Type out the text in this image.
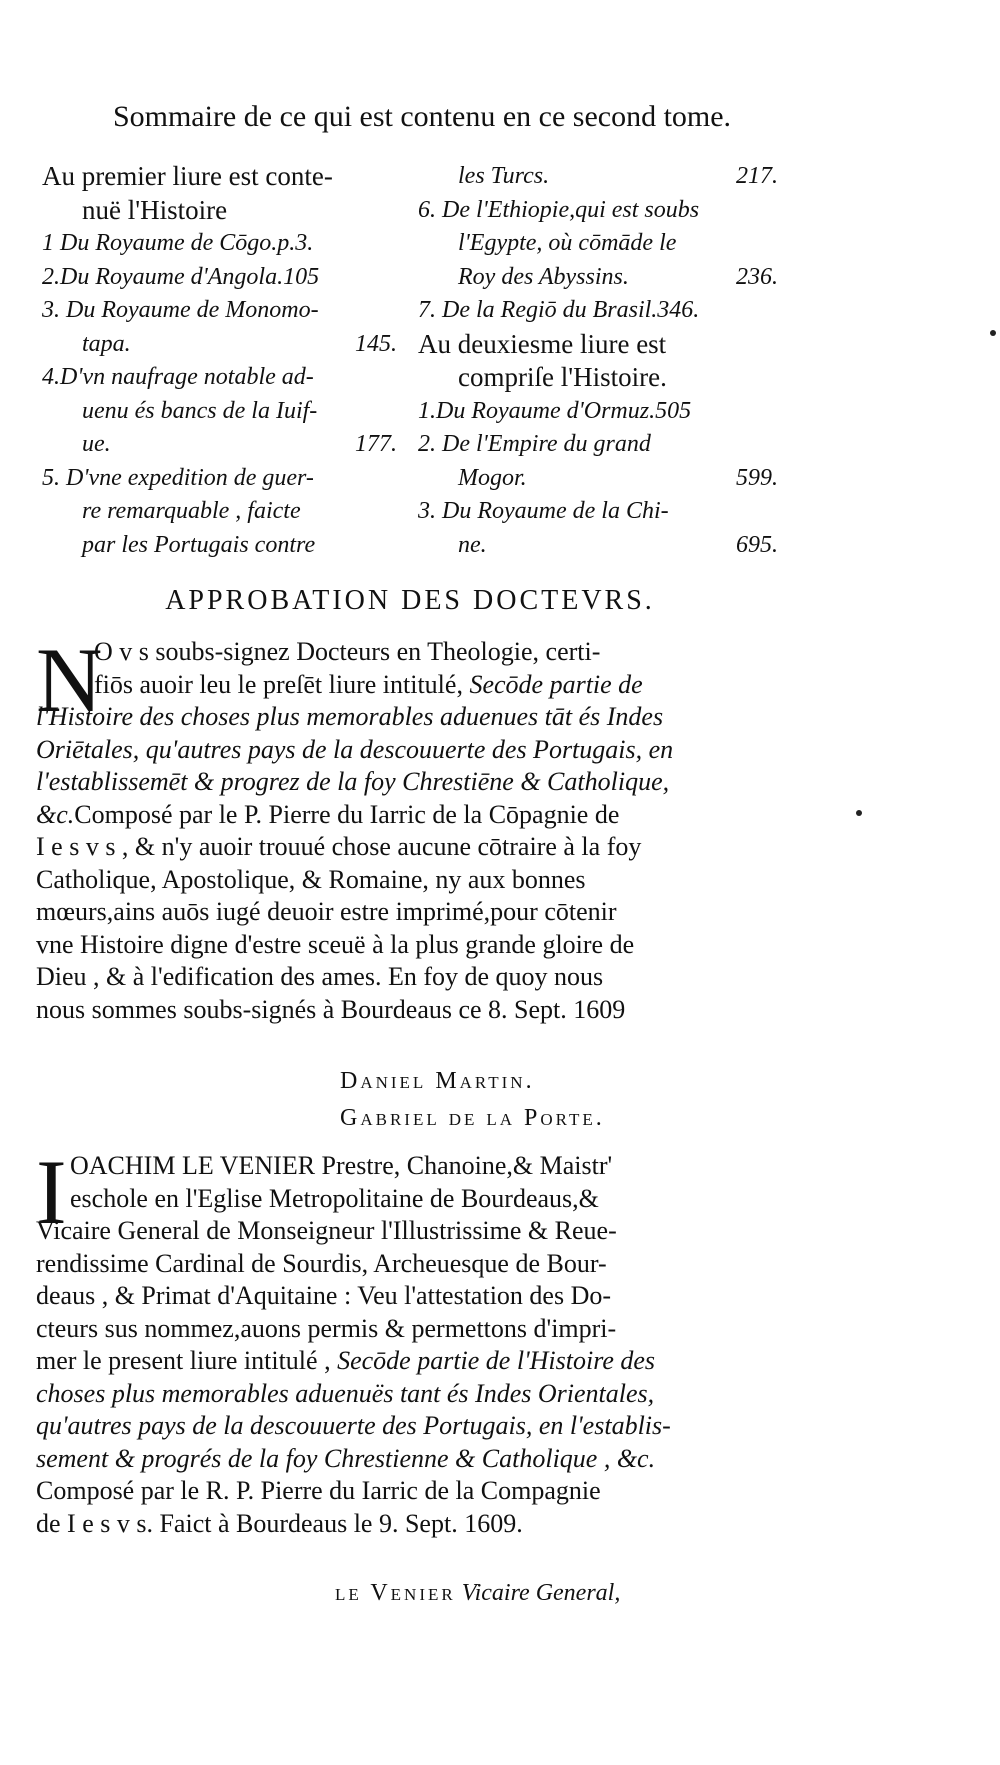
Sommaire de ce qui est contenu en ce second tome.
Au premier liure est conte-
nuë l'Histoire
1 Du Royaume de Cōgo.p.3.
2.Du Royaume d'Angola.105
3. Du Royaume de Monomo-
tapa.	145.
4.D'vn naufrage notable ad-
uenu és bancs de la Iuif-
ue.	177.
5. D'vne expedition de guer-
re remarquable , faicte
par les Portugais contre
les Turcs.	217.
6. De l'Ethiopie,qui est soubs
l'Egypte, où cōmāde le
Roy des Abyssins.	236.
7. De la Regiō du Brasil.346.
Au deuxiesme liure est
compriſe l'Histoire.
1.Du Royaume d'Ormuz.505
2. De l'Empire du grand
Mogor.	599.
3. Du Royaume de la Chi-
ne.	695.
APPROBATION DES DOCTEVRS.
N
O v s soubs-signez Docteurs en Theologie, certi-
fiōs auoir leu le preſēt liure intitulé, Secōde partie de
l'Histoire des choses plus memorables aduenues tāt és Indes
Oriētales, qu'autres pays de la descouuerte des Portugais, en
l'establissemēt & progrez de la foy Chrestiēne & Catholique,
&c.Composé par le P. Pierre du Iarric de la Cōpagnie de
I e s v s , & n'y auoir trouué chose aucune cōtraire à la foy
Catholique, Apostolique, & Romaine, ny aux bonnes
mœurs,ains auōs iugé deuoir estre imprimé,pour cōtenir
vne Histoire digne d'estre sceuë à la plus grande gloire de
Dieu , & à l'edification des ames. En foy de quoy nous
nous sommes soubs-signés à Bourdeaus ce 8. Sept. 1609
Daniel Martin.
Gabriel de la Porte.
I OACHIM LE VENIER Prestre, Chanoine,& Maistr'
eschole en l'Eglise Metropolitaine de Bourdeaus,&
Vicaire General de Monseigneur l'Illustrissime & Reue-
rendissime Cardinal de Sourdis, Archeuesque de Bour-
deaus , & Primat d'Aquitaine : Veu l'attestation des Do-
cteurs sus nommez,auons permis & permettons d'impri-
mer le present liure intitulé , Secōde partie de l'Histoire des
choses plus memorables aduenuës tant és Indes Orientales,
qu'autres pays de la descouuerte des Portugais, en l'establis-
sement & progrés de la foy Chrestienne & Catholique , &c.
Composé par le R. P. Pierre du Iarric de la Compagnie
de I e s v s. Faict à Bourdeaus le 9. Sept. 1609.
le Venier Vicaire General,
